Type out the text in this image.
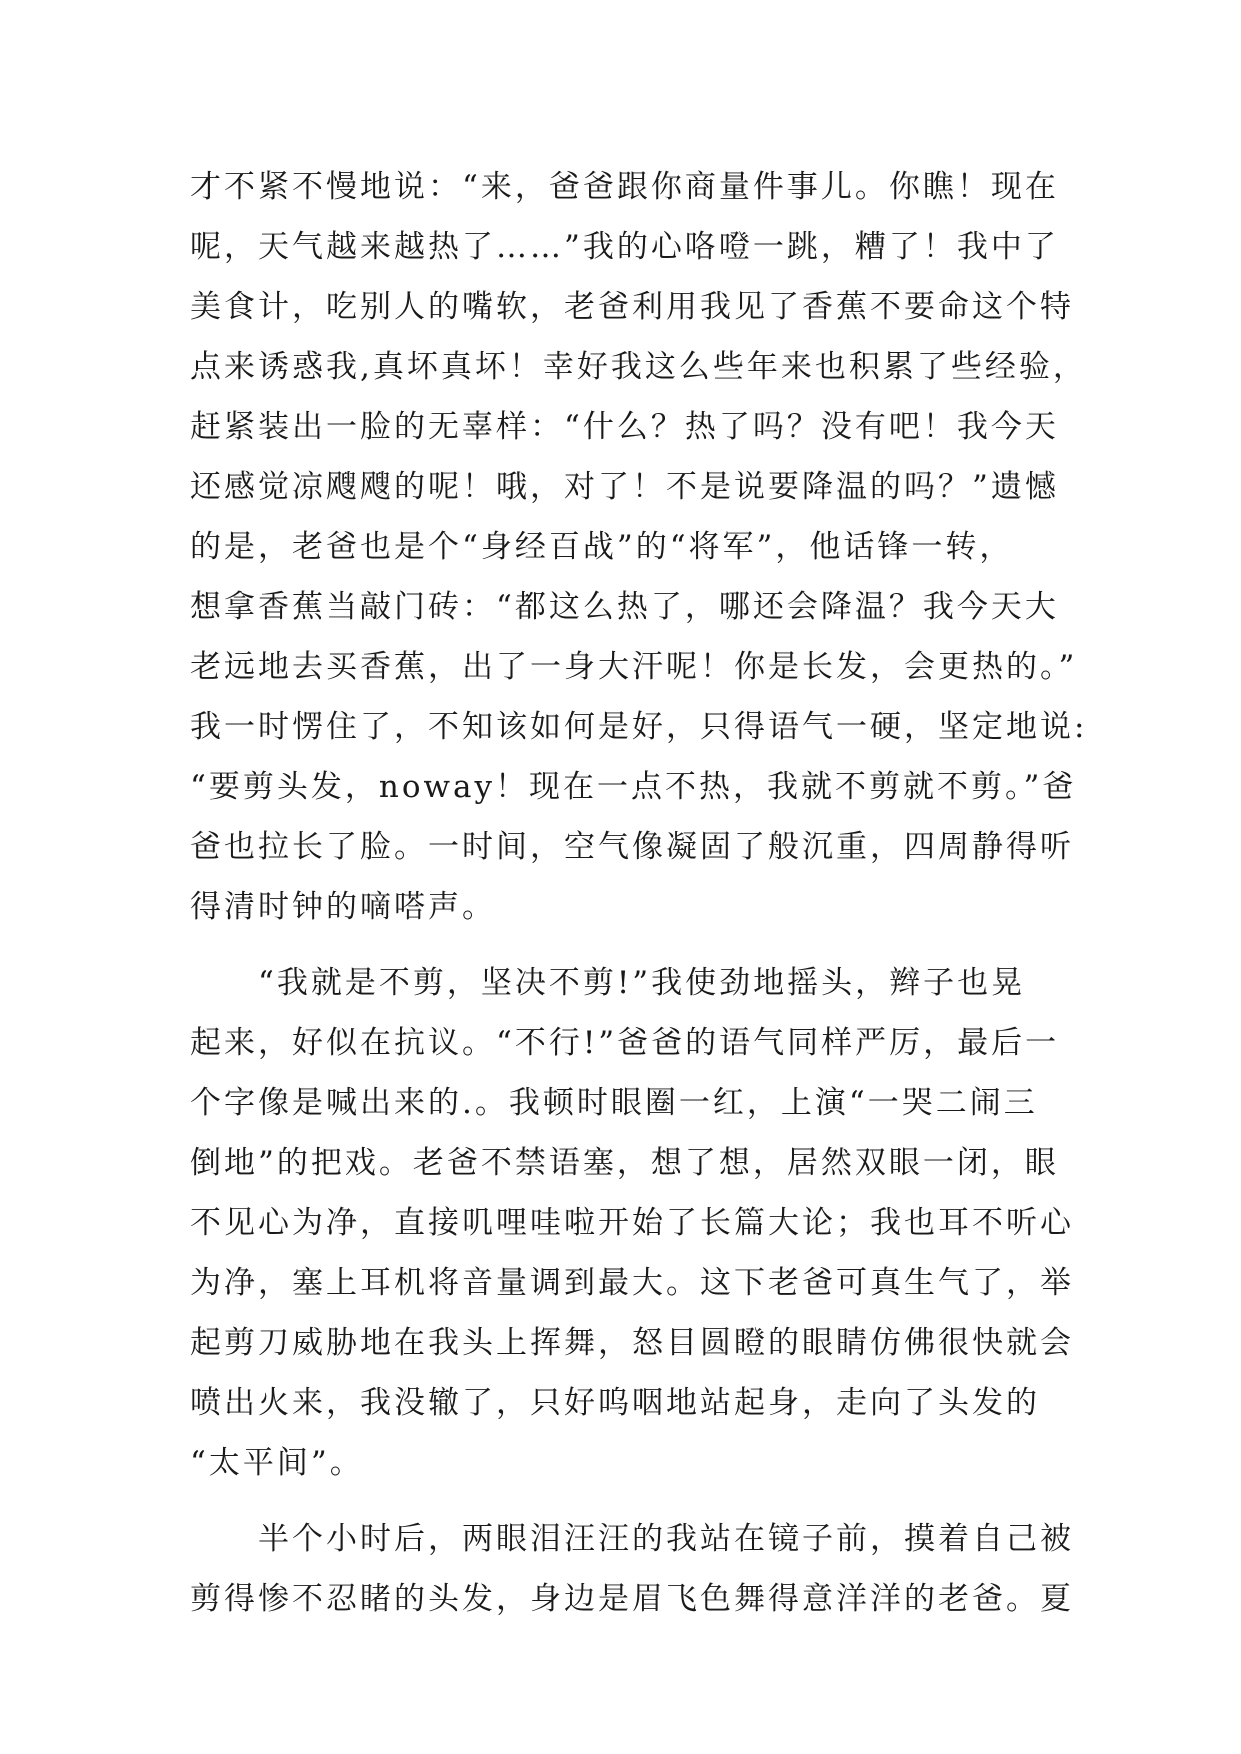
才不紧不慢地说：“来，爸爸跟你商量件事儿。你瞧！现在
呢，天气越来越热了……”我的心咯噔一跳，糟了！我中了
美食计，吃别人的嘴软，老爸利用我见了香蕉不要命这个特
点来诱惑我,真坏真坏！幸好我这么些年来也积累了些经验，
赶紧装出一脸的无辜样：“什么？热了吗？没有吧！我今天
还感觉凉飕飕的呢！哦，对了！不是说要降温的吗？”遗憾
的是，老爸也是个“身经百战”的“将军”，他话锋一转，
想拿香蕉当敲门砖：“都这么热了，哪还会降温？我今天大
老远地去买香蕉，出了一身大汗呢！你是长发，会更热的。”
我一时愣住了，不知该如何是好，只得语气一硬，坚定地说:
“要剪头发，noway！现在一点不热，我就不剪就不剪。”爸
爸也拉长了脸。一时间，空气像凝固了般沉重，四周静得听
得清时钟的嘀嗒声。
　　“我就是不剪，坚决不剪!”我使劲地摇头，辫子也晃
起来，好似在抗议。“不行!”爸爸的语气同样严厉，最后一
个字像是喊出来的.。我顿时眼圈一红，上演“一哭二闹三
倒地”的把戏。老爸不禁语塞，想了想，居然双眼一闭，眼
不见心为净，直接叽哩哇啦开始了长篇大论；我也耳不听心
为净，塞上耳机将音量调到最大。这下老爸可真生气了，举
起剪刀威胁地在我头上挥舞，怒目圆瞪的眼睛仿佛很快就会
喷出火来，我没辙了，只好呜咽地站起身，走向了头发的
“太平间”。
　　半个小时后，两眼泪汪汪的我站在镜子前，摸着自己被
剪得惨不忍睹的头发，身边是眉飞色舞得意洋洋的老爸。夏
